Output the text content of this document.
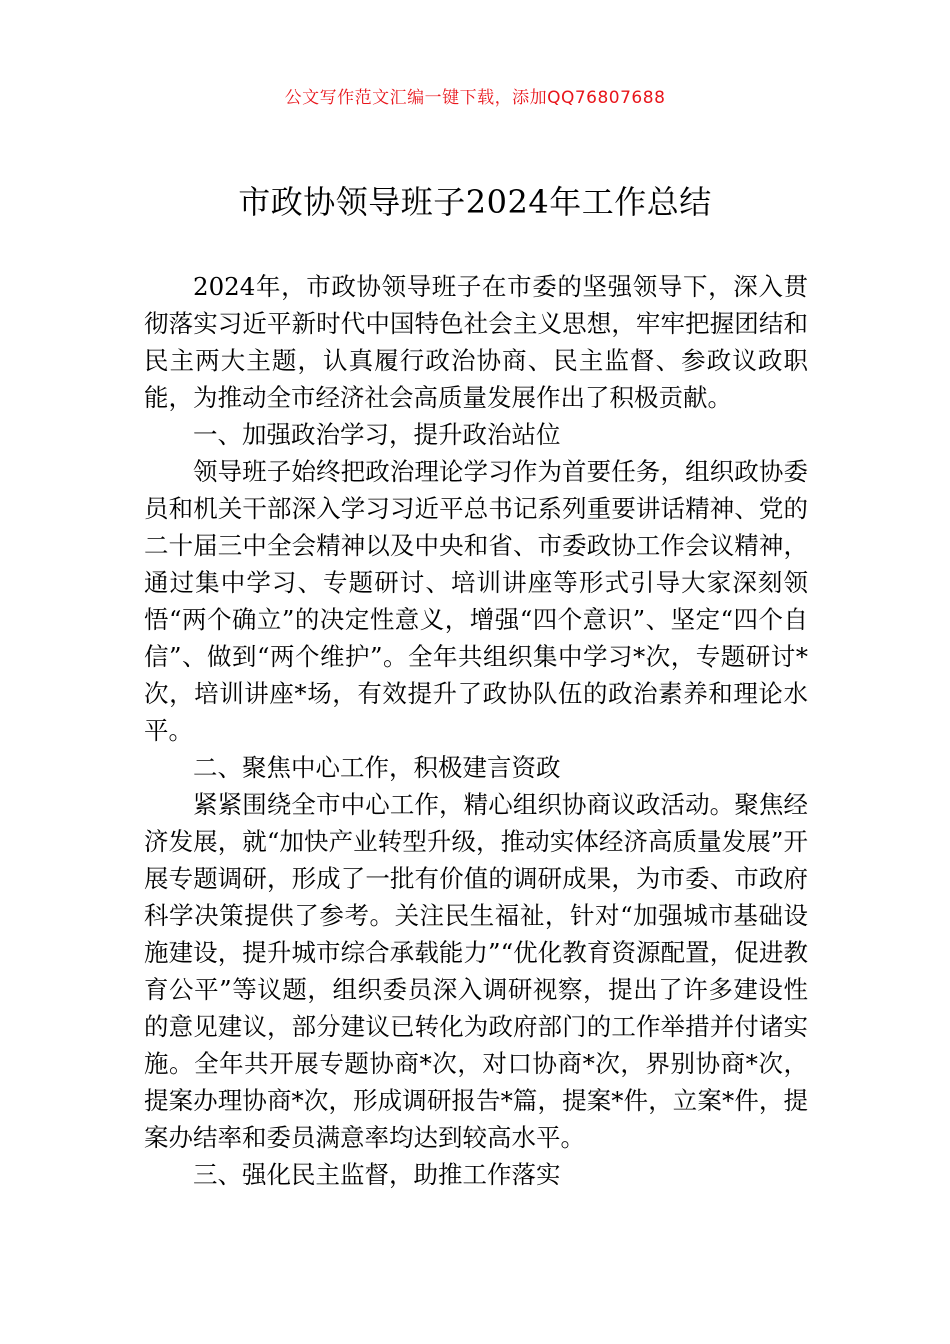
公文写作范文汇编一键下载，添加QQ76807688
市政协领导班子2024年工作总结

2024年，市政协领导班子在市委的坚强领导下，深入贯彻落实习近平新时代中国特色社会主义思想，牢牢把握团结和民主两大主题，认真履行政治协商、民主监督、参政议政职能，为推动全市经济社会高质量发展作出了积极贡献。

一、加强政治学习，提升政治站位

领导班子始终把政治理论学习作为首要任务，组织政协委员和机关干部深入学习习近平总书记系列重要讲话精神、党的二十届三中全会精神以及中央和省、市委政协工作会议精神，通过集中学习、专题研讨、培训讲座等形式引导大家深刻领悟“两个确立”的决定性意义，增强“四个意识”、坚定“四个自信”、做到“两个维护”。全年共组织集中学习*次，专题研讨*次，培训讲座*场，有效提升了政协队伍的政治素养和理论水平。

二、聚焦中心工作，积极建言资政

紧紧围绕全市中心工作，精心组织协商议政活动。聚焦经济发展，就“加快产业转型升级，推动实体经济高质量发展”开展专题调研，形成了一批有价值的调研成果，为市委、市政府科学决策提供了参考。关注民生福祉，针对“加强城市基础设施建设，提升城市综合承载能力”“优化教育资源配置，促进教育公平”等议题，组织委员深入调研视察，提出了许多建设性的意见建议，部分建议已转化为政府部门的工作举措并付诸实施。全年共开展专题协商*次，对口协商*次，界别协商*次，提案办理协商*次，形成调研报告*篇，提案*件，立案*件，提案办结率和委员满意率均达到较高水平。

三、强化民主监督，助推工作落实
